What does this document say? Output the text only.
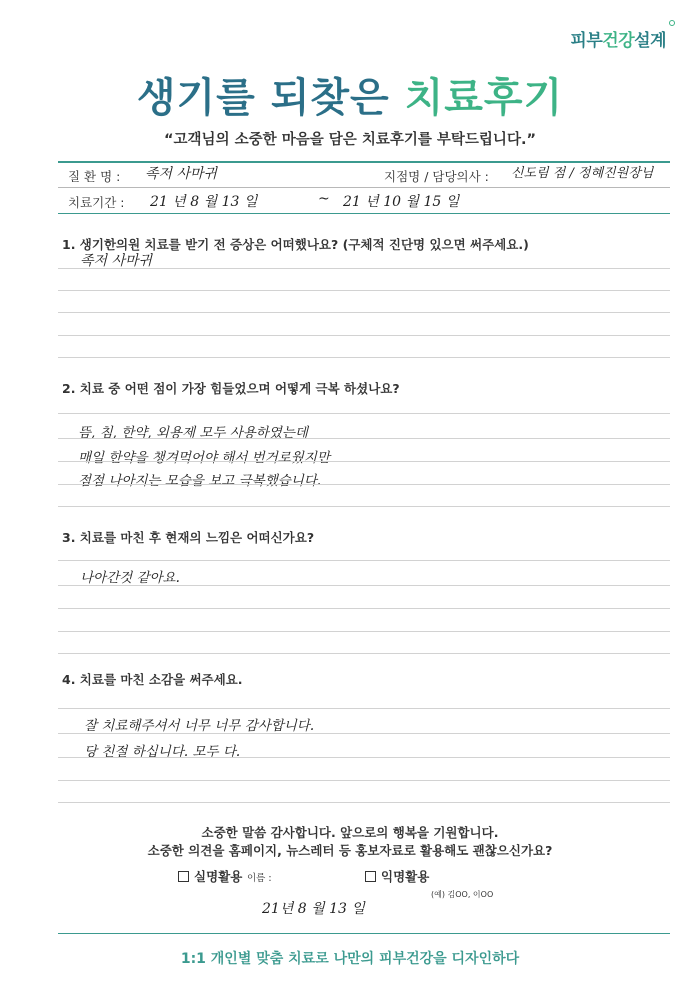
피부건강설계
생기를 되찾은 치료후기
“고객님의 소중한 마음을 담은 치료후기를 부탁드립니다.”
질 환 명 : 족저 사마귀	지점명 / 담당의사 : 신도림 점 / 정혜진원장님
치료기간 : 21 년 8 월 13 일	~ 21 년 10 월 15 일
1. 생기한의원 치료를 받기 전 증상은 어떠했나요? (구체적 진단명 있으면 써주세요.)
족저 사마귀
2. 치료 중 어떤 점이 가장 힘들었으며 어떻게 극복 하셨나요?
뜸, 침, 한약, 외용제 모두 사용하였는데
매일 한약을 챙겨먹어야 해서 번거로웠지만
점점 나아지는 모습을 보고 극복했습니다.
3. 치료를 마친 후 현재의 느낌은 어떠신가요?
나아간것 같아요.
4. 치료를 마친 소감을 써주세요.
잘 치료해주셔서 너무 너무 감사합니다.
당 친절 하십니다. 모두 다.
소중한 말씀 감사합니다. 앞으로의 행복을 기원합니다.
소중한 의견을 홈페이지, 뉴스레터 등 홍보자료로 활용해도 괜찮으신가요?
실명활용 이름 :	익명활용
(예) 김OO, 이OO
21년 8 월 13 일
1:1 개인별 맞춤 치료로 나만의 피부건강을 디자인하다
